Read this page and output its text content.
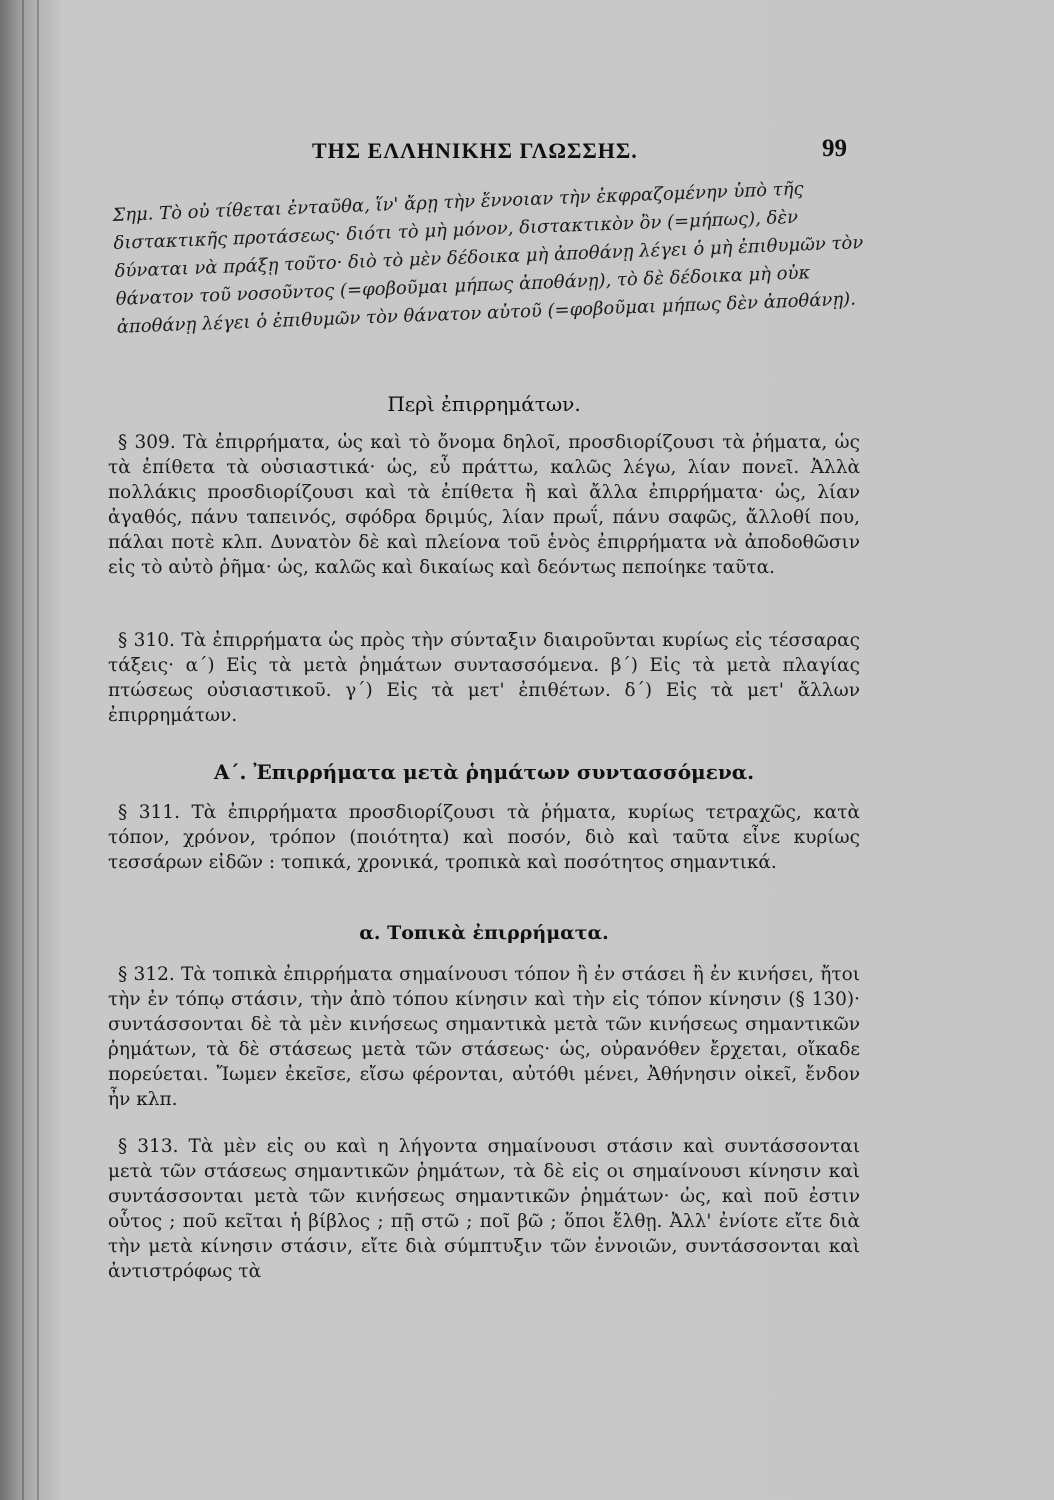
ΤΗΣ ΕΛΛΗΝΙΚΗΣ ΓΛΩΣΣΗΣ.	99

Σημ. Τὸ οὐ τίθεται ἐνταῦθα, ἵν' ἄρῃ τὴν ἔννοιαν τὴν ἐκφραζομένην ὑπὸ τῆς διστακτικῆς προτάσεως· διότι τὸ μὴ μόνον, διστακτικὸν ὂν (=μήπως), δὲν δύναται νὰ πράξῃ τοῦτο· διὸ τὸ μὲν δέδοικα μὴ ἀποθάνῃ λέγει ὁ μὴ ἐπιθυμῶν τὸν θάνατον τοῦ νοσοῦντος (=φοβοῦμαι μήπως ἀποθάνῃ), τὸ δὲ δέδοικα μὴ οὐκ ἀποθάνῃ λέγει ὁ ἐπιθυμῶν τὸν θάνατον αὐτοῦ (=φοβοῦμαι μήπως δὲν ἀποθάνῃ).

Περὶ ἐπιρρημάτων.

§ 309. Τὰ ἐπιρρήματα, ὡς καὶ τὸ ὄνομα δηλοῖ, προσδιορίζουσι τὰ ῥήματα, ὡς τὰ ἐπίθετα τὰ οὐσιαστικά· ὡς, εὖ πράττω, καλῶς λέγω, λίαν πονεῖ. Ἀλλὰ πολλάκις προσδιορίζουσι καὶ τὰ ἐπίθετα ἢ καὶ ἄλλα ἐπιρρήματα· ὡς, λίαν ἀγαθός, πάνυ ταπεινός, σφόδρα δριμύς, λίαν πρωΐ, πάνυ σαφῶς, ἄλλοθί που, πάλαι ποτὲ κλπ. Δυνατὸν δὲ καὶ πλείονα τοῦ ἑνὸς ἐπιρρήματα νὰ ἀποδοθῶσιν εἰς τὸ αὐτὸ ῥῆμα· ὡς, καλῶς καὶ δικαίως καὶ δεόντως πεποίηκε ταῦτα.

§ 310. Τὰ ἐπιρρήματα ὡς πρὸς τὴν σύνταξιν διαιροῦνται κυρίως εἰς τέσσαρας τάξεις· α΄) Εἰς τὰ μετὰ ῥημάτων συντασσόμενα. β΄) Εἰς τὰ μετὰ πλαγίας πτώσεως οὐσιαστικοῦ. γ΄) Εἰς τὰ μετ' ἐπιθέτων. δ΄) Εἰς τὰ μετ' ἄλλων ἐπιρρημάτων.

Α΄. Ἐπιρρήματα μετὰ ῥημάτων συντασσόμενα.

§ 311. Τὰ ἐπιρρήματα προσδιορίζουσι τὰ ῥήματα, κυρίως τετραχῶς, κατὰ τόπον, χρόνον, τρόπον (ποιότητα) καὶ ποσόν, διὸ καὶ ταῦτα εἶνε κυρίως τεσσάρων εἰδῶν : τοπικά, χρονικά, τροπικὰ καὶ ποσότητος σημαντικά.

α. Τοπικὰ ἐπιρρήματα.

§ 312. Τὰ τοπικὰ ἐπιρρήματα σημαίνουσι τόπον ἢ ἐν στάσει ἢ ἐν κινήσει, ἤτοι τὴν ἐν τόπῳ στάσιν, τὴν ἀπὸ τόπου κίνησιν καὶ τὴν εἰς τόπον κίνησιν (§ 130)· συντάσσονται δὲ τὰ μὲν κινήσεως σημαντικὰ μετὰ τῶν κινήσεως σημαντικῶν ῥημάτων, τὰ δὲ στάσεως μετὰ τῶν στάσεως· ὡς, οὐρανόθεν ἔρχεται, οἴκαδε πορεύεται. Ἴωμεν ἐκεῖσε, εἴσω φέρονται, αὐτόθι μένει, Ἀθήνησιν οἰκεῖ, ἔνδον ἦν κλπ.

§ 313. Τὰ μὲν εἰς ου καὶ η λήγοντα σημαίνουσι στάσιν καὶ συντάσσονται μετὰ τῶν στάσεως σημαντικῶν ῥημάτων, τὰ δὲ εἰς οι σημαίνουσι κίνησιν καὶ συντάσσονται μετὰ τῶν κινήσεως σημαντικῶν ῥημάτων· ὡς, καὶ ποῦ ἐστιν οὗτος ; ποῦ κεῖται ἡ βίβλος ; πῇ στῶ ; ποῖ βῶ ; ὅποι ἔλθῃ. Ἀλλ' ἐνίοτε εἴτε διὰ τὴν μετὰ κίνησιν στάσιν, εἴτε διὰ σύμπτυξιν τῶν ἐννοιῶν, συντάσσονται καὶ ἀντιστρόφως τὰ
